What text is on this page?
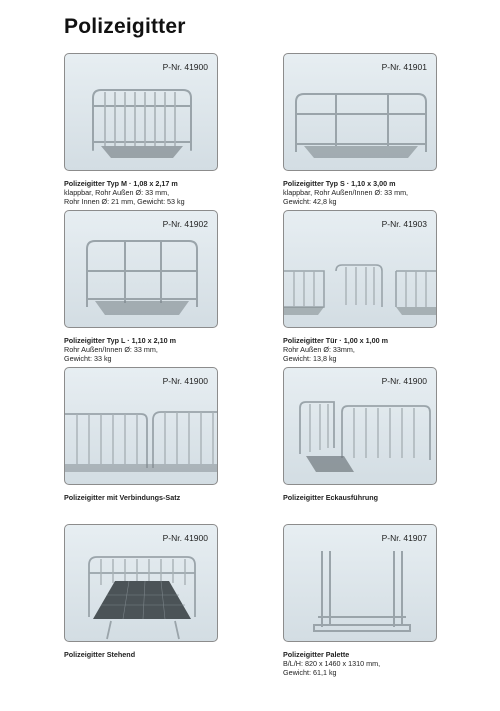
Polizeigitter
P-Nr. 41900
Polizeigitter Typ M · 1,08 x 2,17 m
klappbar, Rohr Außen Ø: 33 mm,
Rohr Innen Ø: 21 mm, Gewicht: 53 kg
P-Nr. 41901
Polizeigitter Typ S · 1,10 x 3,00 m
klappbar, Rohr Außen/Innen Ø: 33 mm,
Gewicht: 42,8 kg
P-Nr. 41902
Polizeigitter Typ L · 1,10 x 2,10 m
Rohr Außen/Innen Ø: 33 mm,
Gewicht: 33 kg
P-Nr. 41903
Polizeigitter Tür · 1,00 x 1,00 m
Rohr Außen Ø: 33mm,
Gewicht: 13,8 kg
P-Nr. 41900
Polizeigitter mit Verbindungs-Satz
P-Nr. 41900
Polizeigitter Eckausführung
P-Nr. 41900
Polizeigitter Stehend
P-Nr. 41907
Polizeigitter Palette
B/L/H: 820 x 1460 x 1310 mm,
Gewicht: 61,1 kg
